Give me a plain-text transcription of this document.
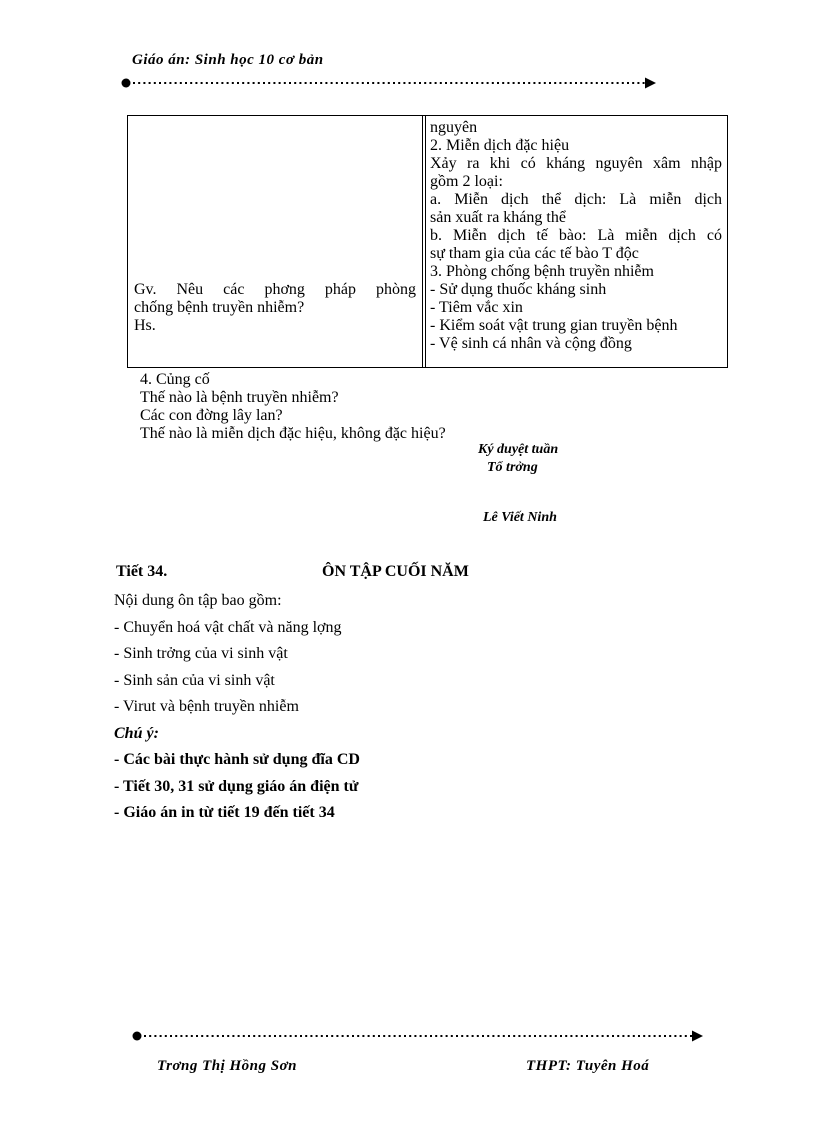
Giáo án: Sinh học 10 cơ bản
Gv. Nêu các phơng pháp phòng
chống bệnh truyền nhiễm?
Hs.
nguyên
2. Miễn dịch đặc hiệu
Xảy ra khi có kháng nguyên xâm nhập
gồm 2 loại:
a. Miễn dịch thể dịch: Là miễn dịch
sản xuất ra kháng thể
b. Miễn dịch tế bào: Là miễn dịch có
sự tham gia của các tế bào T độc
3. Phòng chống bệnh truyền nhiễm
- Sử dụng thuốc kháng sinh
- Tiêm vắc xin
- Kiểm soát vật trung gian truyền bệnh
- Vệ sinh cá nhân và cộng đồng
4. Củng cố
Thế nào là bệnh truyền nhiễm?
Các con đờng lây lan?
Thế nào là miễn dịch đặc hiệu, không đặc hiệu?
Ký duyệt tuần
Tổ trởng
Lê Viết Ninh
Tiết 34.	ÔN TẬP CUỐI NĂM
Nội dung ôn tập bao gồm:
- Chuyển hoá vật chất và năng lợng
- Sinh trởng của vi sinh vật
- Sinh sản của vi sinh vật
- Virut và bệnh truyền nhiễm
Chú ý:
- Các bài thực hành sử dụng đĩa CD
- Tiết 30, 31 sử dụng giáo án điện tử
- Giáo án in từ tiết 19 đến tiết 34
Trơng Thị Hồng Sơn	THPT: Tuyên Hoá
